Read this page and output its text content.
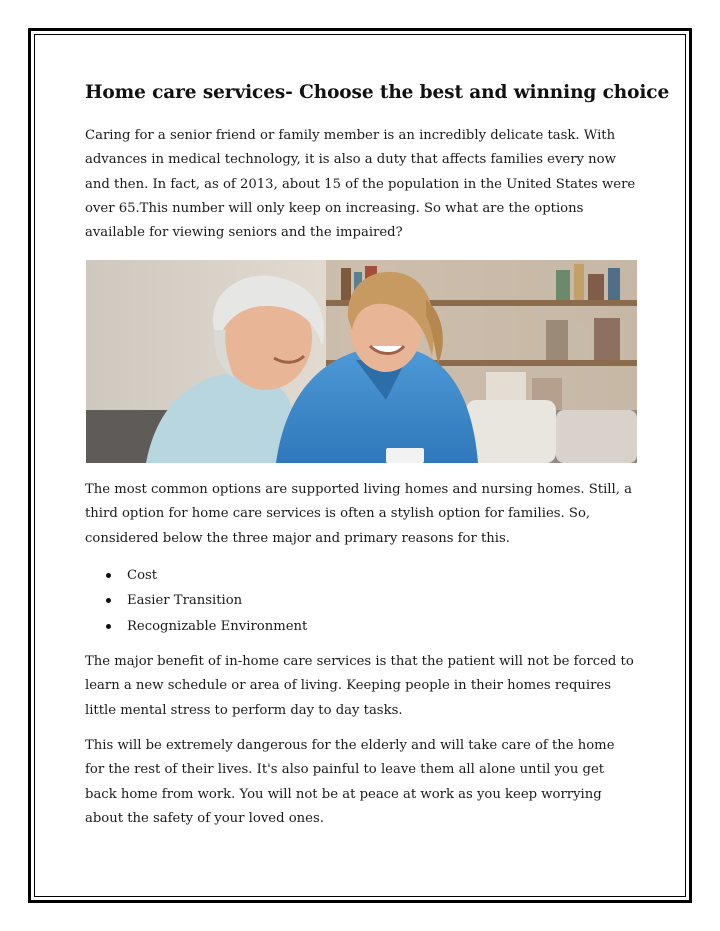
Home care services- Choose the best and winning choice

Caring for a senior friend or family member is an incredibly delicate task. With advances in medical technology, it is also a duty that affects families every now and then. In fact, as of 2013, about 15 of the population in the United States were over 65.This number will only keep on increasing. So what are the options available for viewing seniors and the impaired?

The most common options are supported living homes and nursing homes. Still, a third option for home care services is often a stylish option for families. So, considered below the three major and primary reasons for this.

Cost
Easier Transition
Recognizable Environment

The major benefit of in-home care services is that the patient will not be forced to learn a new schedule or area of living. Keeping people in their homes requires little mental stress to perform day to day tasks.

This will be extremely dangerous for the elderly and will take care of the home for the rest of their lives. It's also painful to leave them all alone until you get back home from work. You will not be at peace at work as you keep worrying about the safety of your loved ones.
